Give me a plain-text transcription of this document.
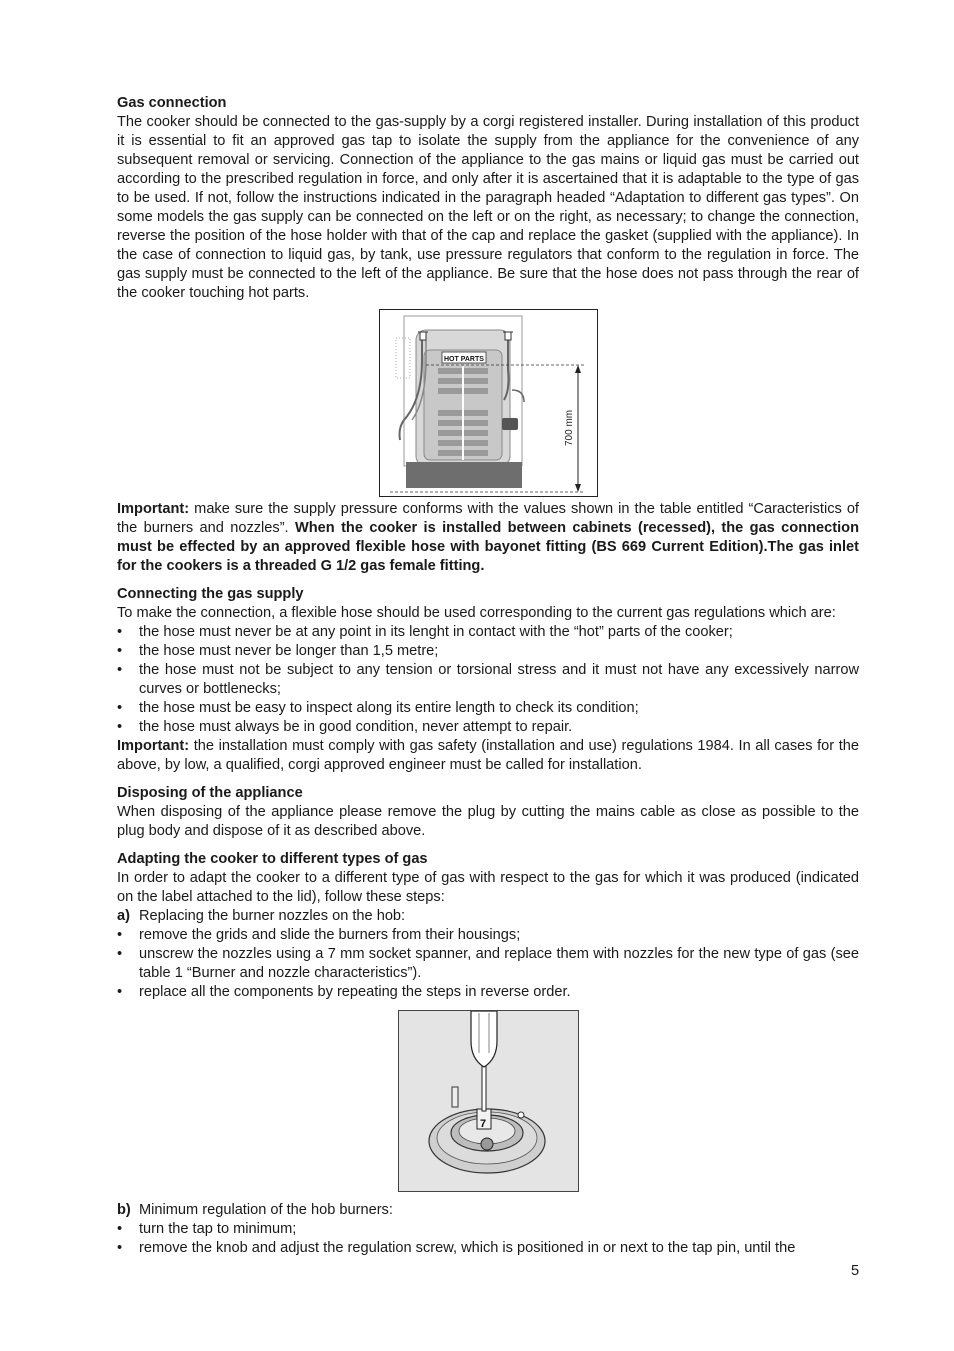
Gas connection

The cooker should be connected to the gas-supply by a corgi registered installer. During installation of this product it is essential to fit an approved gas tap to isolate the supply from the appliance for the convenience of any subsequent removal or servicing. Connection of the appliance to the gas mains or liquid gas must be carried out according to the prescribed regulation in force, and only after it is ascertained that it is adaptable to the type of gas to be used. If not, follow the instructions indicated in the paragraph headed “Adaptation to different gas types”. On some models the gas supply can be connected on the left or on the right, as necessary; to change the connection, reverse the position of the hose holder with that of the cap and replace the gasket (supplied with the appliance). In the case of connection to liquid gas, by tank, use pressure regulators that conform to the regulation in force. The gas supply must be connected to the left of the appliance. Be sure that the hose does not pass through the rear of the cooker touching hot parts.

HOT PARTS
700 mm

Important: make sure the supply pressure conforms with the values shown in the table entitled “Caracteristics of the burners and nozzles”. When the cooker is installed between cabinets (recessed), the gas connection must be effected by an approved flexible hose with bayonet fitting (BS 669 Current Edition).The gas inlet for the cookers is a threaded G 1/2 gas female fitting.

Connecting the gas supply

To make the connection, a flexible hose should be used corresponding to the current gas regulations which are:

• the hose must never be at any point in its lenght in contact with the “hot” parts of the cooker;
• the hose must never be longer than 1,5 metre;
• the hose must not be subject to any tension or torsional stress and it must not have any excessively narrow curves or bottlenecks;
• the hose must be easy to inspect along its entire length to check its condition;
• the hose must always be in good condition, never attempt to repair.

Important: the installation must comply with gas safety (installation and use) regulations 1984. In all cases for the above, by low, a qualified, corgi approved engineer must be called for installation.

Disposing of the appliance

When disposing of the appliance please remove the plug by cutting the mains cable as close as possible to the plug body and dispose of it as described above.

Adapting the cooker to different types of gas

In order to adapt the cooker to a different type of gas with respect to the gas for which it was produced (indicated on the label attached to the lid), follow these steps:

a) Replacing the burner nozzles on the hob:
• remove the grids and slide the burners from their housings;
• unscrew the nozzles using a 7 mm socket spanner, and replace them with nozzles for the new type of gas (see table 1 “Burner and nozzle characteristics”).
• replace all the components by repeating the steps in reverse order.
7
b) Minimum regulation of the hob burners:
• turn the tap to minimum;
• remove the knob and adjust the regulation screw, which is positioned in or next to the tap pin, until the
5
